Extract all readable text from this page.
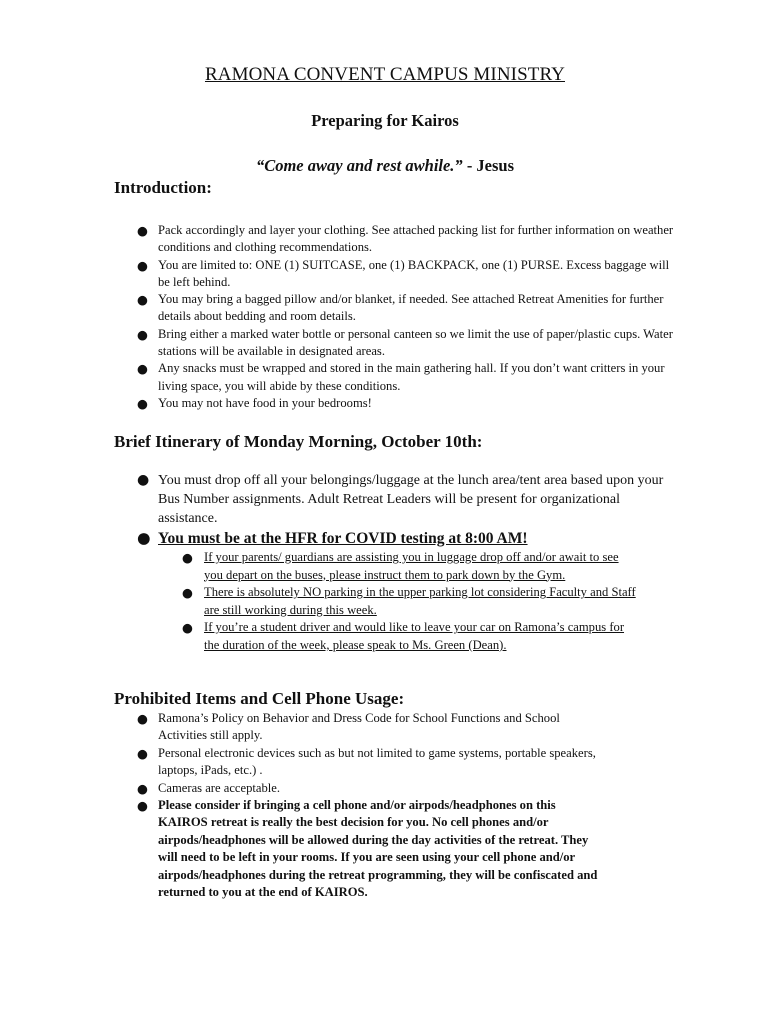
RAMONA CONVENT CAMPUS MINISTRY
Preparing for Kairos
“Come away and rest awhile.” - Jesus
Introduction:
● Pack accordingly and layer your clothing. See attached packing list for further information on weather conditions and clothing recommendations.
● You are limited to: ONE (1) SUITCASE, one (1) BACKPACK, one (1) PURSE. Excess baggage will be left behind.
● You may bring a bagged pillow and/or blanket, if needed. See attached Retreat Amenities for further details about bedding and room details.
● Bring either a marked water bottle or personal canteen so we limit the use of paper/plastic cups. Water stations will be available in designated areas.
● Any snacks must be wrapped and stored in the main gathering hall. If you don’t want critters in your living space, you will abide by these conditions.
● You may not have food in your bedrooms!
Brief Itinerary of Monday Morning, October 10th:
● You must drop off all your belongings/luggage at the lunch area/tent area based upon your Bus Number assignments. Adult Retreat Leaders will be present for organizational assistance.
● You must be at the HFR for COVID testing at 8:00 AM!
● If your parents/ guardians are assisting you in luggage drop off and/or await to see you depart on the buses, please instruct them to park down by the Gym.
● There is absolutely NO parking in the upper parking lot considering Faculty and Staff are still working during this week.
● If you’re a student driver and would like to leave your car on Ramona’s campus for the duration of the week, please speak to Ms. Green (Dean).
Prohibited Items and Cell Phone Usage:
● Ramona’s Policy on Behavior and Dress Code for School Functions and School Activities still apply.
● Personal electronic devices such as but not limited to game systems, portable speakers, laptops, iPads, etc.) .
● Cameras are acceptable.
● Please consider if bringing a cell phone and/or airpods/headphones on this KAIROS retreat is really the best decision for you. No cell phones and/or airpods/headphones will be allowed during the day activities of the retreat. They will need to be left in your rooms. If you are seen using your cell phone and/or airpods/headphones during the retreat programming, they will be confiscated and returned to you at the end of KAIROS.
